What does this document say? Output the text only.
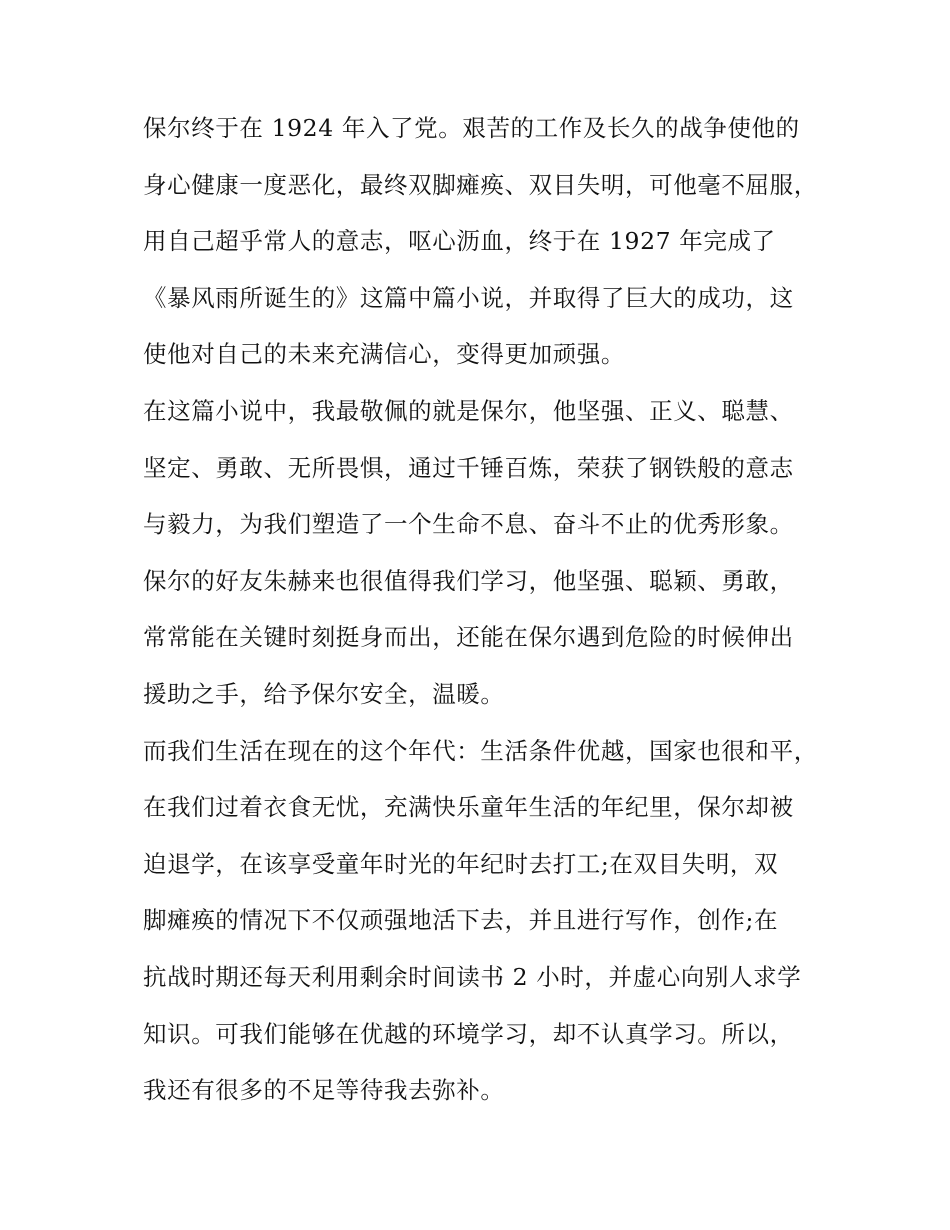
保尔终于在 1924 年入了党。艰苦的工作及长久的战争使他的
身心健康一度恶化，最终双脚瘫痪、双目失明，可他毫不屈服，
用自己超乎常人的意志，呕心沥血，终于在 1927 年完成了
《暴风雨所诞生的》这篇中篇小说，并取得了巨大的成功，这
使他对自己的未来充满信心，变得更加顽强。
在这篇小说中，我最敬佩的就是保尔，他坚强、正义、聪慧、
坚定、勇敢、无所畏惧，通过千锤百炼，荣获了钢铁般的意志
与毅力，为我们塑造了一个生命不息、奋斗不止的优秀形象。
保尔的好友朱赫来也很值得我们学习，他坚强、聪颖、勇敢，
常常能在关键时刻挺身而出，还能在保尔遇到危险的时候伸出
援助之手，给予保尔安全，温暖。
而我们生活在现在的这个年代：生活条件优越，国家也很和平，
在我们过着衣食无忧，充满快乐童年生活的年纪里，保尔却被
迫退学，在该享受童年时光的年纪时去打工;在双目失明，双
脚瘫痪的情况下不仅顽强地活下去，并且进行写作，创作;在
抗战时期还每天利用剩余时间读书 2 小时，并虚心向别人求学
知识。可我们能够在优越的环境学习，却不认真学习。所以，
我还有很多的不足等待我去弥补。
